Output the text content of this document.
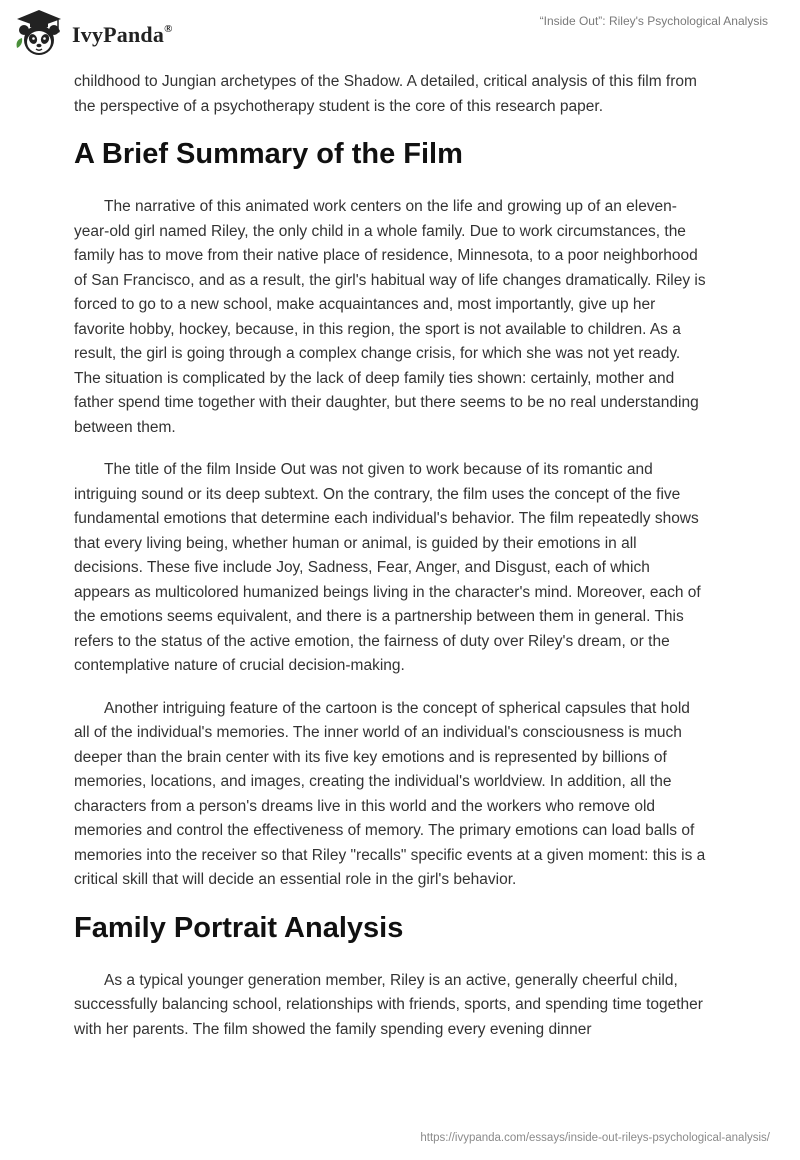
IvyPanda®
“Inside Out”: Riley's Psychological Analysis

childhood to Jungian archetypes of the Shadow. A detailed, critical analysis of this film from the perspective of a psychotherapy student is the core of this research paper.

A Brief Summary of the Film

The narrative of this animated work centers on the life and growing up of an eleven-year-old girl named Riley, the only child in a whole family. Due to work circumstances, the family has to move from their native place of residence, Minnesota, to a poor neighborhood of San Francisco, and as a result, the girl's habitual way of life changes dramatically. Riley is forced to go to a new school, make acquaintances and, most importantly, give up her favorite hobby, hockey, because, in this region, the sport is not available to children. As a result, the girl is going through a complex change crisis, for which she was not yet ready. The situation is complicated by the lack of deep family ties shown: certainly, mother and father spend time together with their daughter, but there seems to be no real understanding between them.

The title of the film Inside Out was not given to work because of its romantic and intriguing sound or its deep subtext. On the contrary, the film uses the concept of the five fundamental emotions that determine each individual's behavior. The film repeatedly shows that every living being, whether human or animal, is guided by their emotions in all decisions. These five include Joy, Sadness, Fear, Anger, and Disgust, each of which appears as multicolored humanized beings living in the character's mind. Moreover, each of the emotions seems equivalent, and there is a partnership between them in general. This refers to the status of the active emotion, the fairness of duty over Riley's dream, or the contemplative nature of crucial decision-making.

Another intriguing feature of the cartoon is the concept of spherical capsules that hold all of the individual's memories. The inner world of an individual's consciousness is much deeper than the brain center with its five key emotions and is represented by billions of memories, locations, and images, creating the individual's worldview. In addition, all the characters from a person's dreams live in this world and the workers who remove old memories and control the effectiveness of memory. The primary emotions can load balls of memories into the receiver so that Riley "recalls" specific events at a given moment: this is a critical skill that will decide an essential role in the girl's behavior.

Family Portrait Analysis

As a typical younger generation member, Riley is an active, generally cheerful child, successfully balancing school, relationships with friends, sports, and spending time together with her parents. The film showed the family spending every evening dinner

https://ivypanda.com/essays/inside-out-rileys-psychological-analysis/
